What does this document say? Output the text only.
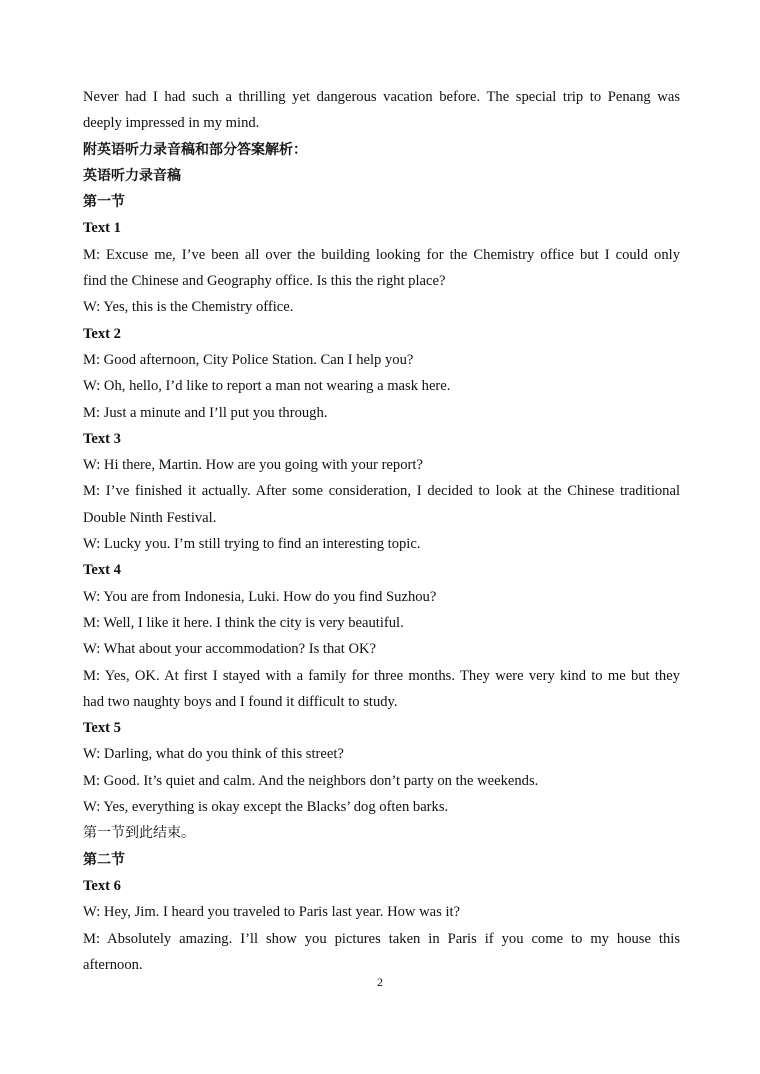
Never had I had such a thrilling yet dangerous vacation before. The special trip to Penang was

deeply impressed in my mind.

附英语听力录音稿和部分答案解析：

英语听力录音稿

第一节

Text 1

M: Excuse me, I’ve been all over the building looking for the Chemistry office but I could only

find the Chinese and Geography office. Is this the right place?

W: Yes, this is the Chemistry office.

Text 2

M: Good afternoon, City Police Station. Can I help you?

W: Oh, hello, I’d like to report a man not wearing a mask here.

M: Just a minute and I’ll put you through.

Text 3

W: Hi there, Martin. How are you going with your report?

M: I’ve finished it actually. After some consideration, I decided to look at the Chinese traditional

Double Ninth Festival.

W: Lucky you. I’m still trying to find an interesting topic.

Text 4

W: You are from Indonesia, Luki. How do you find Suzhou?

M: Well, I like it here. I think the city is very beautiful.

W: What about your accommodation? Is that OK?

M: Yes, OK. At first I stayed with a family for three months. They were very kind to me but they

had two naughty boys and I found it difficult to study.

Text 5

W: Darling, what do you think of this street?

M: Good. It’s quiet and calm. And the neighbors don’t party on the weekends.

W: Yes, everything is okay except the Blacks’ dog often barks.

第一节到此结束。

第二节

Text 6

W: Hey, Jim. I heard you traveled to Paris last year. How was it?

M: Absolutely amazing. I’ll show you pictures taken in Paris if you come to my house this

afternoon.

2
